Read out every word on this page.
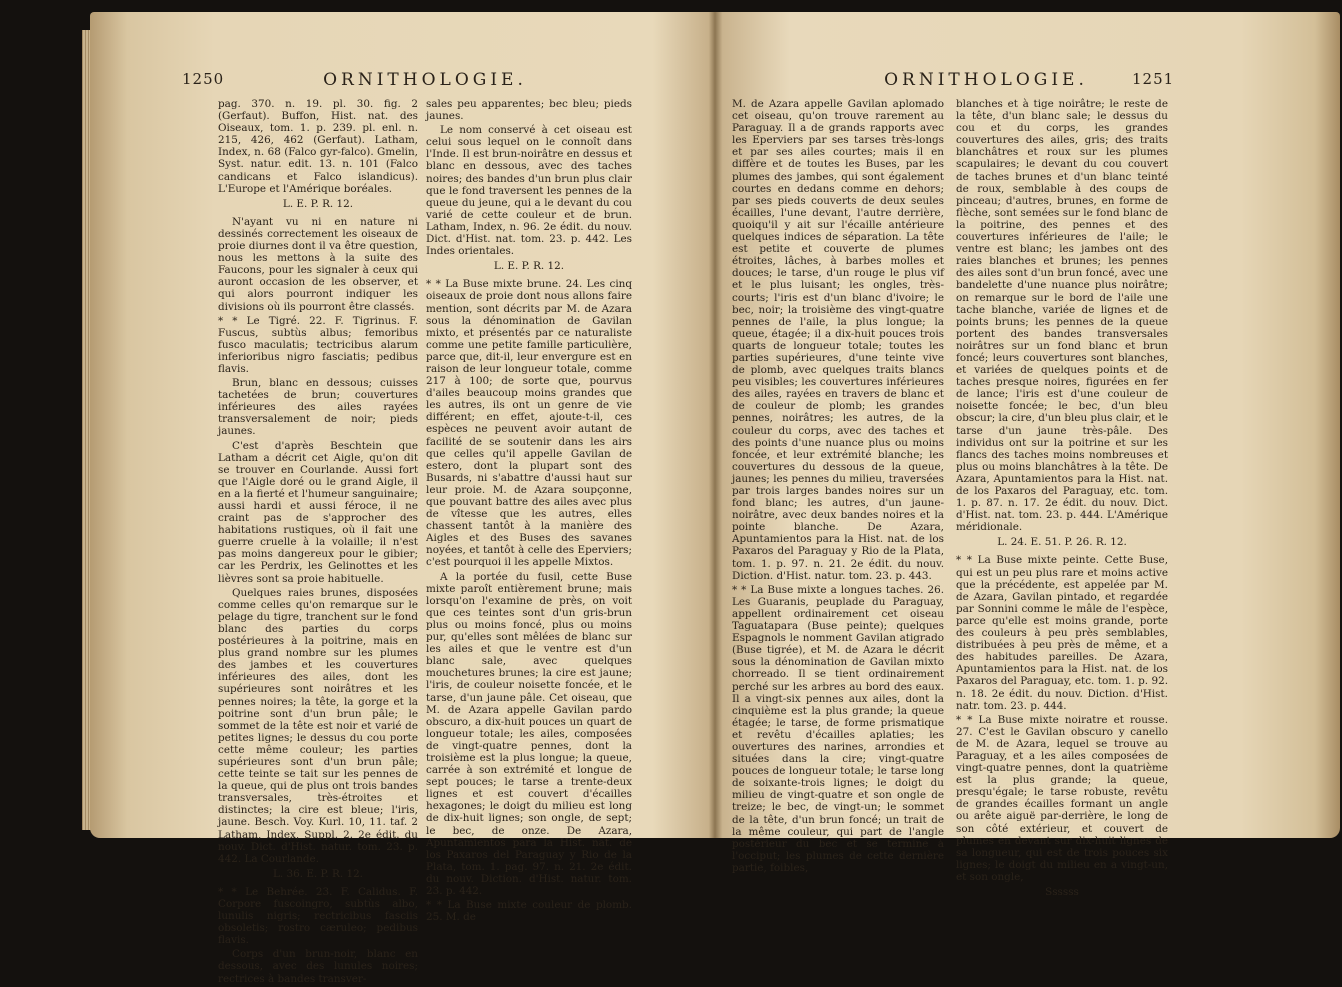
1250	ORNITHOLOGIE.

pag. 370. n. 19. pl. 30. fig. 2 (Gerfaut). Buffon, Hist. nat. des Oiseaux, tom. 1. p. 239. pl. enl. n. 215, 426, 462 (Gerfaut). Latham, Index, n. 68 (Falco gyr-falco). Gmelin, Syst. natur. edit. 13. n. 101 (Falco candicans et Falco islandicus). L'Europe et l'Amérique boréales.

L. E. P. R. 12.

N'ayant vu ni en nature ni dessinés correctement les oiseaux de proie diurnes dont il va être question, nous les mettons à la suite des Faucons, pour les signaler à ceux qui auront occasion de les observer, et qui alors pourront indiquer les divisions où ils pourront être classés.

* * Le Tigré. 22. F. Tigrinus. F. Fuscus, subtùs albus; femoribus fusco maculatis; tectricibus alarum inferioribus nigro fasciatis; pedibus flavis.

Brun, blanc en dessous; cuisses tachetées de brun; couvertures inférieures des ailes rayées transversalement de noir; pieds jaunes.

C'est d'après Beschtein que Latham a décrit cet Aigle, qu'on dit se trouver en Courlande. Aussi fort que l'Aigle doré ou le grand Aigle, il en a la fierté et l'humeur sanguinaire; aussi hardi et aussi féroce, il ne craint pas de s'approcher des habitations rustiques, où il fait une guerre cruelle à la volaille; il n'est pas moins dangereux pour le gibier; car les Perdrix, les Gelinottes et les lièvres sont sa proie habituelle.

Quelques raies brunes, disposées comme celles qu'on remarque sur le pelage du tigre, tranchent sur le fond blanc des parties du corps postérieures à la poitrine, mais en plus grand nombre sur les plumes des jambes et les couvertures inférieures des ailes, dont les supérieures sont noirâtres et les pennes noires; la tête, la gorge et la poitrine sont d'un brun pâle; le sommet de la tête est noir et varié de petites lignes; le dessus du cou porte cette même couleur; les parties supérieures sont d'un brun pâle; cette teinte se tait sur les pennes de la queue, qui de plus ont trois bandes transversales, très-étroites et distinctes; la cire est bleue; l'iris, jaune. Besch. Voy. Kurl. 10, 11. taf. 2 Latham, Index, Suppl. 2. 2e édit. du nouv. Dict. d'Hist. natur. tom. 23. p. 442. La Courlande.

L. 36. E. P. R. 12.

* * Le Behrée. 23. F. Calidus. F. Corpore fuscoingro, subtùs albo, lunulis nigris; rectricibus fasciis obsoletis; rostro cæruleo; pedibus flavis.

Corps d'un brun-noir, blanc en dessous, avec des lunules noires; rectrices à bandes transver-

sales peu apparentes; bec bleu; pieds jaunes.

Le nom conservé à cet oiseau est celui sous lequel on le connoît dans l'Inde. Il est brun-noirâtre en dessus et blanc en dessous, avec des taches noires; des bandes d'un brun plus clair que le fond traversent les pennes de la queue du jeune, qui a le devant du cou varié de cette couleur et de brun. Latham, Index, n. 96. 2e édit. du nouv. Dict. d'Hist. nat. tom. 23. p. 442. Les Indes orientales.

L. E. P. R. 12.

* * La Buse mixte brune. 24. Les cinq oiseaux de proie dont nous allons faire mention, sont décrits par M. de Azara sous la dénomination de Gavilan mixto, et présentés par ce naturaliste comme une petite famille particulière, parce que, dit-il, leur envergure est en raison de leur longueur totale, comme 217 à 100; de sorte que, pourvus d'ailes beaucoup moins grandes que les autres, ils ont un genre de vie différent; en effet, ajoute-t-il, ces espèces ne peuvent avoir autant de facilité de se soutenir dans les airs que celles qu'il appelle Gavilan de estero, dont la plupart sont des Busards, ni s'abattre d'aussi haut sur leur proie. M. de Azara soupçonne, que pouvant battre des ailes avec plus de vîtesse que les autres, elles chassent tantôt à la manière des Aigles et des Buses des savanes noyées, et tantôt à celle des Eperviers; c'est pourquoi il les appelle Mixtos.

A la portée du fusil, cette Buse mixte paroît entièrement brune; mais lorsqu'on l'examine de près, on voit que ces teintes sont d'un gris-brun plus ou moins foncé, plus ou moins pur, qu'elles sont mêlées de blanc sur les ailes et que le ventre est d'un blanc sale, avec quelques mouchetures brunes; la cire est jaune; l'iris, de couleur noisette foncée, et le tarse, d'un jaune pâle. Cet oiseau, que M. de Azara appelle Gavilan pardo obscuro, a dix-huit pouces un quart de longueur totale; les ailes, composées de vingt-quatre pennes, dont la troisième est la plus longue; la queue, carrée à son extrémité et longue de sept pouces; le tarse a trente-deux lignes et est couvert d'écailles hexagones; le doigt du milieu est long de dix-huit lignes; son ongle, de sept; le bec, de onze. De Azara, Apuntamientos para la Hist. nat. de los Paxaros del Paraguay y Rio de la Plata, tom. 1. pag. 97. n. 21. 2e édit. du nouv. Diction. d'Hist. natur. tom. 23. p. 442.

* * La Buse mixte couleur de plomb. 25. M. de

ORNITHOLOGIE.	1251

M. de Azara appelle Gavilan aplomado cet oiseau, qu'on trouve rarement au Paraguay. Il a de grands rapports avec les Eperviers par ses tarses très-longs et par ses ailes courtes; mais il en diffère et de toutes les Buses, par les plumes des jambes, qui sont également courtes en dedans comme en dehors; par ses pieds couverts de deux seules écailles, l'une devant, l'autre derrière, quoiqu'il y ait sur l'écaille antérieure quelques indices de séparation. La tête est petite et couverte de plumes étroites, lâches, à barbes molles et douces; le tarse, d'un rouge le plus vif et le plus luisant; les ongles, très-courts; l'iris est d'un blanc d'ivoire; le bec, noir; la troisième des vingt-quatre pennes de l'aile, la plus longue; la queue, étagée; il a dix-huit pouces trois quarts de longueur totale; toutes les parties supérieures, d'une teinte vive de plomb, avec quelques traits blancs peu visibles; les couvertures inférieures des ailes, rayées en travers de blanc et de couleur de plomb; les grandes pennes, noirâtres; les autres, de la couleur du corps, avec des taches et des points d'une nuance plus ou moins foncée, et leur extrémité blanche; les couvertures du dessous de la queue, jaunes; les pennes du milieu, traversées par trois larges bandes noires sur un fond blanc; les autres, d'un jaune-noirâtre, avec deux bandes noires et la pointe blanche. De Azara, Apuntamientos para la Hist. nat. de los Paxaros del Paraguay y Rio de la Plata, tom. 1. p. 97. n. 21. 2e édit. du nouv. Diction. d'Hist. natur. tom. 23. p. 443.

* * La Buse mixte a longues taches. 26. Les Guaranis, peuplade du Paraguay, appellent ordinairement cet oiseau Taguatapara (Buse peinte); quelques Espagnols le nomment Gavilan atigrado (Buse tigrée), et M. de Azara le décrit sous la dénomination de Gavilan mixto chorreado. Il se tient ordinairement perché sur les arbres au bord des eaux. Il a vingt-six pennes aux ailes, dont la cinquième est la plus grande; la queue étagée; le tarse, de forme prismatique et revêtu d'écailles aplaties; les ouvertures des narines, arrondies et situées dans la cire; vingt-quatre pouces de longueur totale; le tarse long de soixante-trois lignes; le doigt du milieu de vingt-quatre et son ongle de treize; le bec, de vingt-un; le sommet de la tête, d'un brun foncé; un trait de la même couleur, qui part de l'angle postérieur du bec et se termine à l'occiput; les plumes de cette dernière partie, foibles,

blanches et à tige noirâtre; le reste de la tête, d'un blanc sale; le dessus du cou et du corps, les grandes couvertures des ailes, gris; des traits blanchâtres et roux sur les plumes scapulaires; le devant du cou couvert de taches brunes et d'un blanc teinté de roux, semblable à des coups de pinceau; d'autres, brunes, en forme de flèche, sont semées sur le fond blanc de la poitrine, des pennes et des couvertures inférieures de l'aile; le ventre est blanc; les jambes ont des raies blanches et brunes; les pennes des ailes sont d'un brun foncé, avec une bandelette d'une nuance plus noirâtre; on remarque sur le bord de l'aile une tache blanche, variée de lignes et de points bruns; les pennes de la queue portent des bandes transversales noirâtres sur un fond blanc et brun foncé; leurs couvertures sont blanches, et variées de quelques points et de taches presque noires, figurées en fer de lance; l'iris est d'une couleur de noisette foncée; le bec, d'un bleu obscur; la cire, d'un bleu plus clair, et le tarse d'un jaune très-pâle. Des individus ont sur la poitrine et sur les flancs des taches moins nombreuses et plus ou moins blanchâtres à la tête. De Azara, Apuntamientos para la Hist. nat. de los Paxaros del Paraguay, etc. tom. 1. p. 87. n. 17. 2e édit. du nouv. Dict. d'Hist. nat. tom. 23. p. 444. L'Amérique méridionale.

L. 24. E. 51. P. 26. R. 12.

* * La Buse mixte peinte. Cette Buse, qui est un peu plus rare et moins active que la précédente, est appelée par M. de Azara, Gavilan pintado, et regardée par Sonnini comme le mâle de l'espèce, parce qu'elle est moins grande, porte des couleurs à peu près semblables, distribuées à peu près de même, et a des habitudes pareilles. De Azara, Apuntamientos para la Hist. nat. de los Paxaros del Paraguay, etc. tom. 1. p. 92. n. 18. 2e édit. du nouv. Diction. d'Hist. natr. tom. 23. p. 444.

* * La Buse mixte noiratre et rousse. 27. C'est le Gavilan obscuro y canello de M. de Azara, lequel se trouve au Paraguay, et a les ailes composées de vingt-quatre pennes, dont la quatrième est la plus grande; la queue, presqu'égale; le tarse robuste, revêtu de grandes écailles formant un angle ou arête aiguë par-derrière, le long de son côté extérieur, et couvert de plumes en devant sur dix-huit lignes de sa longueur, qui est de trois pouces six lignes; le doigt du milieu en a vingt-un, et son ongle,

Ssssss
